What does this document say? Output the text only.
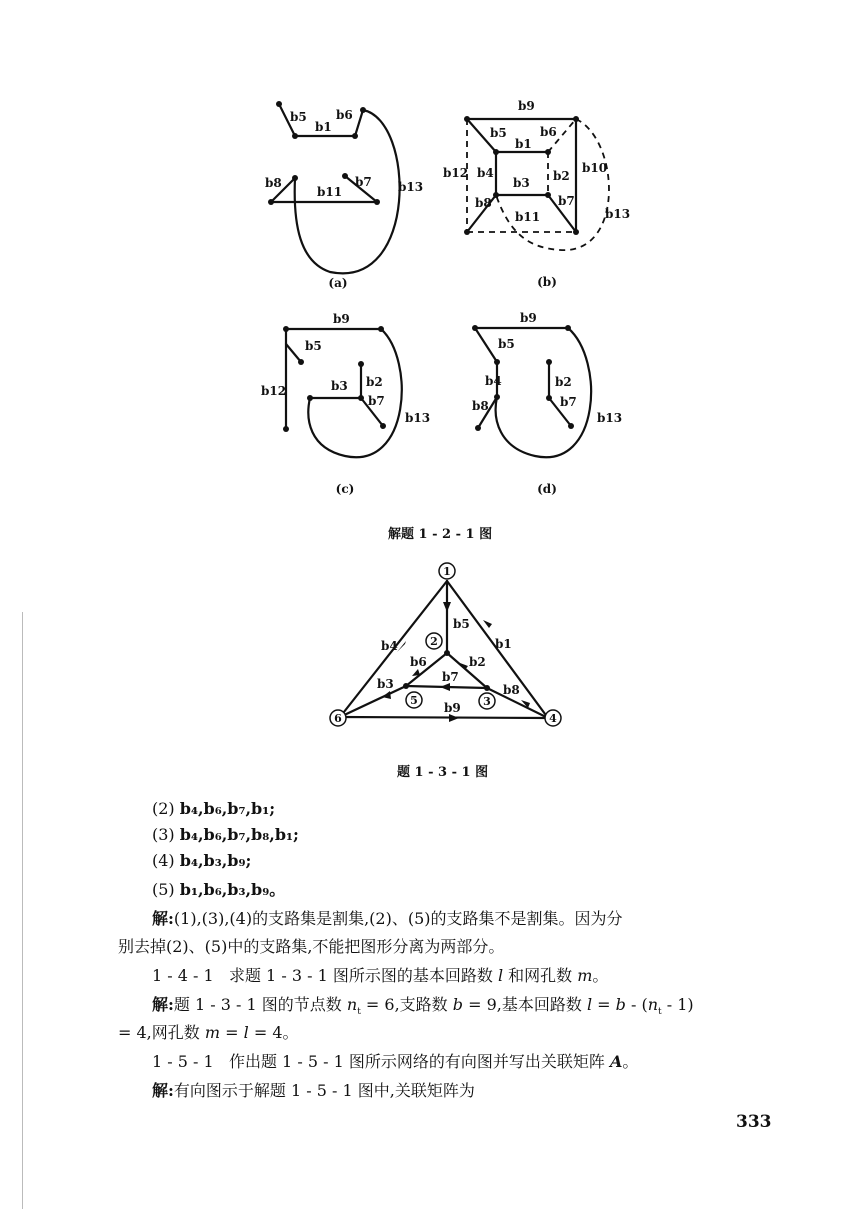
1
2
3
5
6	4
b5
b1
b6
b8	b7
b11	b13
b9
b5	b6
b1
b12 b4	b2
b3
b10
b8	b7
b11	b13
b9
b5
b12	b3 b2
b7
b13
b9
b5
b4
b8
b2
b7
b13
b1
b2
b3
b4
b5
b6
b7
b8
b9
(a)	(b)
(c)	(d)
解题 1 - 2 - 1 图
题 1 - 3 - 1 图
(2) b₄,b₆,b₇,b₁;
(3) b₄,b₆,b₇,b₈,b₁;
(4) b₄,b₃,b₉;
(5) b₁,b₆,b₃,b₉。
解:(1),(3),(4)的支路集是割集,(2)、(5)的支路集不是割集。因为分
别去掉(2)、(5)中的支路集,不能把图形分离为两部分。
1 - 4 - 1 求题 1 - 3 - 1 图所示图的基本回路数 l 和网孔数 m。
解:题 1 - 3 - 1 图的节点数 $n_t = 6$,支路数 b = 9,基本回路数 $l = b - (n_t - 1)$
= 4,网孔数 m = l = 4。
1 - 5 - 1 作出题 1 - 5 - 1 图所示网络的有向图并写出关联矩阵 A。
解:有向图示于解题 1 - 5 - 1 图中,关联矩阵为
333
